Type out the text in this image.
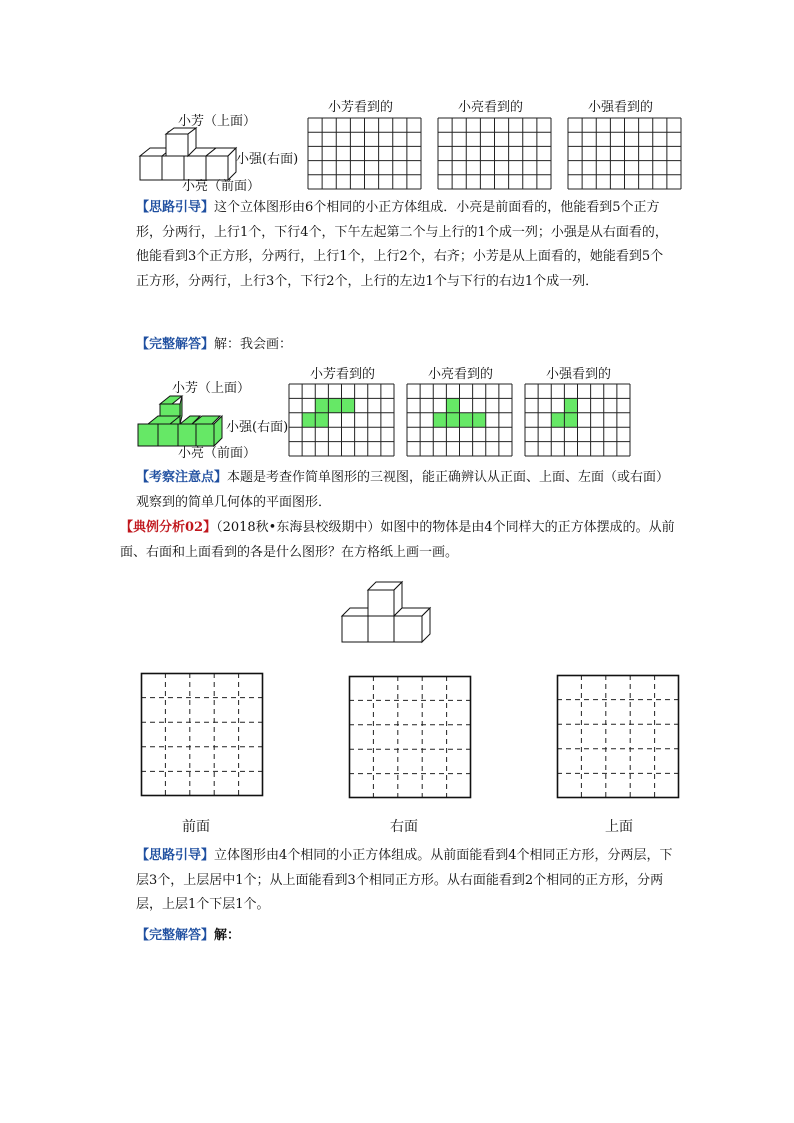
小芳（上面）
小强(右面)
小亮（前面）
小芳看到的	小亮看到的	小强看到的
【思路引导】这个立体图形由6个相同的小正方体组成．小亮是前面看的，他能看到5个正方形，分两行，上行1个，下行4个，下午左起第二个与上行的1个成一列；小强是从右面看的，他能看到3个正方形，分两行，上行1个，上行2个，右齐；小芳是从上面看的，她能看到5个正方形，分两行，上行3个，下行2个，上行的左边1个与下行的右边1个成一列．
【完整解答】解：我会画：
小芳（上面）
小强(右面)
小亮（前面）
小芳看到的	小亮看到的	小强看到的
【考察注意点】本题是考查作简单图形的三视图，能正确辨认从正面、上面、左面（或右面）观察到的简单几何体的平面图形．
【典例分析02】（2018秋•东海县校级期中）如图中的物体是由4个同样大的正方体摆成的。从前面、右面和上面看到的各是什么图形？在方格纸上画一画。
前面	右面	上面
【思路引导】立体图形由4个相同的小正方体组成。从前面能看到4个相同正方形，分两层，下层3个，上层居中1个；从上面能看到3个相同正方形。从右面能看到2个相同的正方形，分两层，上层1个下层1个。
【完整解答】解：
